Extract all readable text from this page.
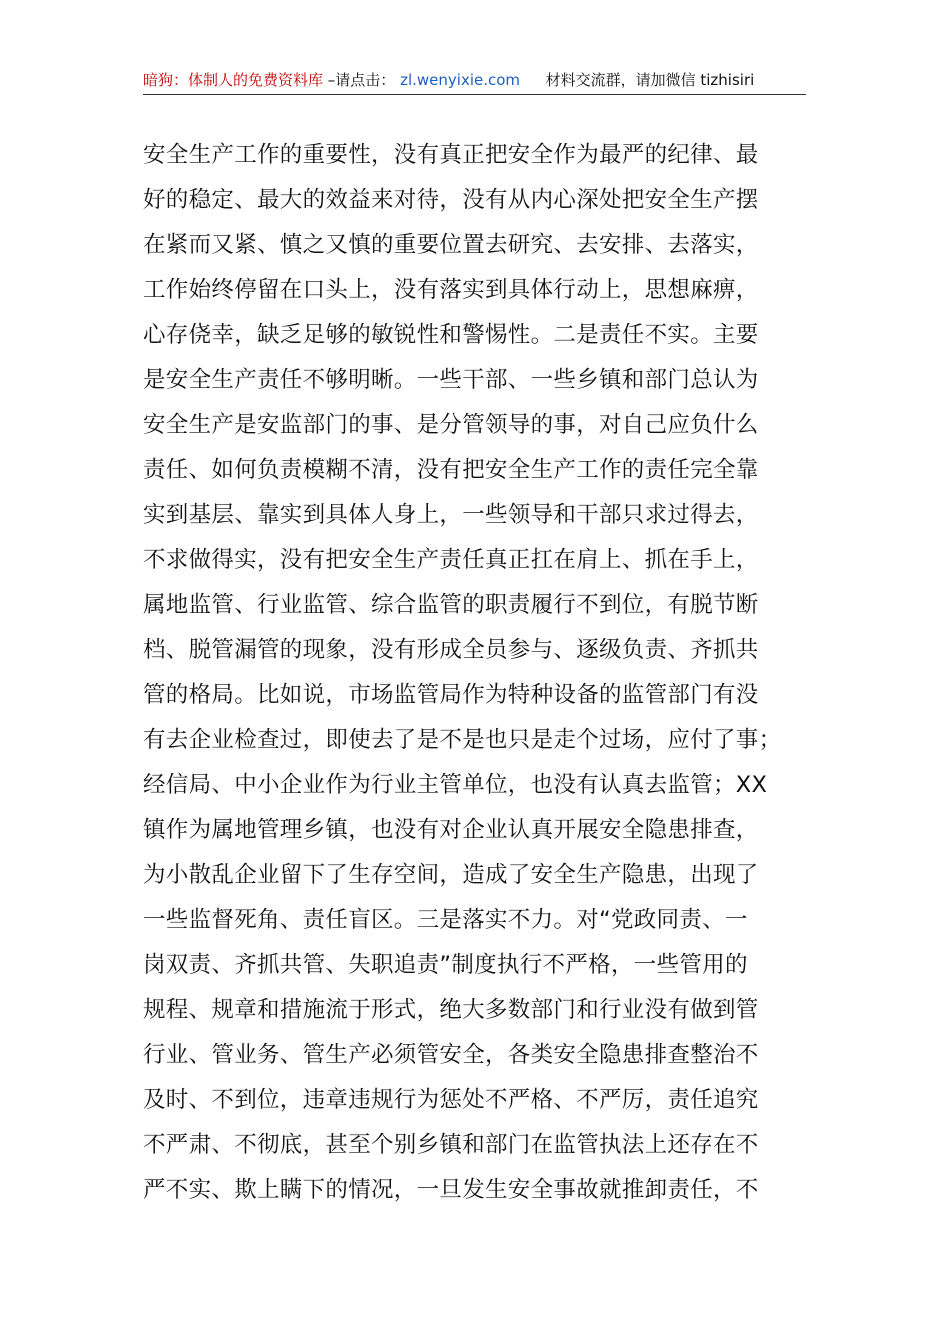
暗狗：体制人的免费资料库 –请点击： zl.wenyixie.com 材料交流群，请加微信 tizhisiri
安全生产工作的重要性，没有真正把安全作为最严的纪律、最
好的稳定、最大的效益来对待，没有从内心深处把安全生产摆
在紧而又紧、慎之又慎的重要位置去研究、去安排、去落实，
工作始终停留在口头上，没有落实到具体行动上，思想麻痹，
心存侥幸，缺乏足够的敏锐性和警惕性。二是责任不实。主要
是安全生产责任不够明晰。一些干部、一些乡镇和部门总认为
安全生产是安监部门的事、是分管领导的事，对自己应负什么
责任、如何负责模糊不清，没有把安全生产工作的责任完全靠
实到基层、靠实到具体人身上，一些领导和干部只求过得去，
不求做得实，没有把安全生产责任真正扛在肩上、抓在手上，
属地监管、行业监管、综合监管的职责履行不到位，有脱节断
档、脱管漏管的现象，没有形成全员参与、逐级负责、齐抓共
管的格局。比如说，市场监管局作为特种设备的监管部门有没
有去企业检查过，即使去了是不是也只是走个过场，应付了事；
经信局、中小企业作为行业主管单位，也没有认真去监管；XX
镇作为属地管理乡镇，也没有对企业认真开展安全隐患排查，
为小散乱企业留下了生存空间，造成了安全生产隐患，出现了
一些监督死角、责任盲区。三是落实不力。对“党政同责、一
岗双责、齐抓共管、失职追责”制度执行不严格，一些管用的
规程、规章和措施流于形式，绝大多数部门和行业没有做到管
行业、管业务、管生产必须管安全，各类安全隐患排查整治不
及时、不到位，违章违规行为惩处不严格、不严厉，责任追究
不严肃、不彻底，甚至个别乡镇和部门在监管执法上还存在不
严不实、欺上瞒下的情况，一旦发生安全事故就推卸责任，不
